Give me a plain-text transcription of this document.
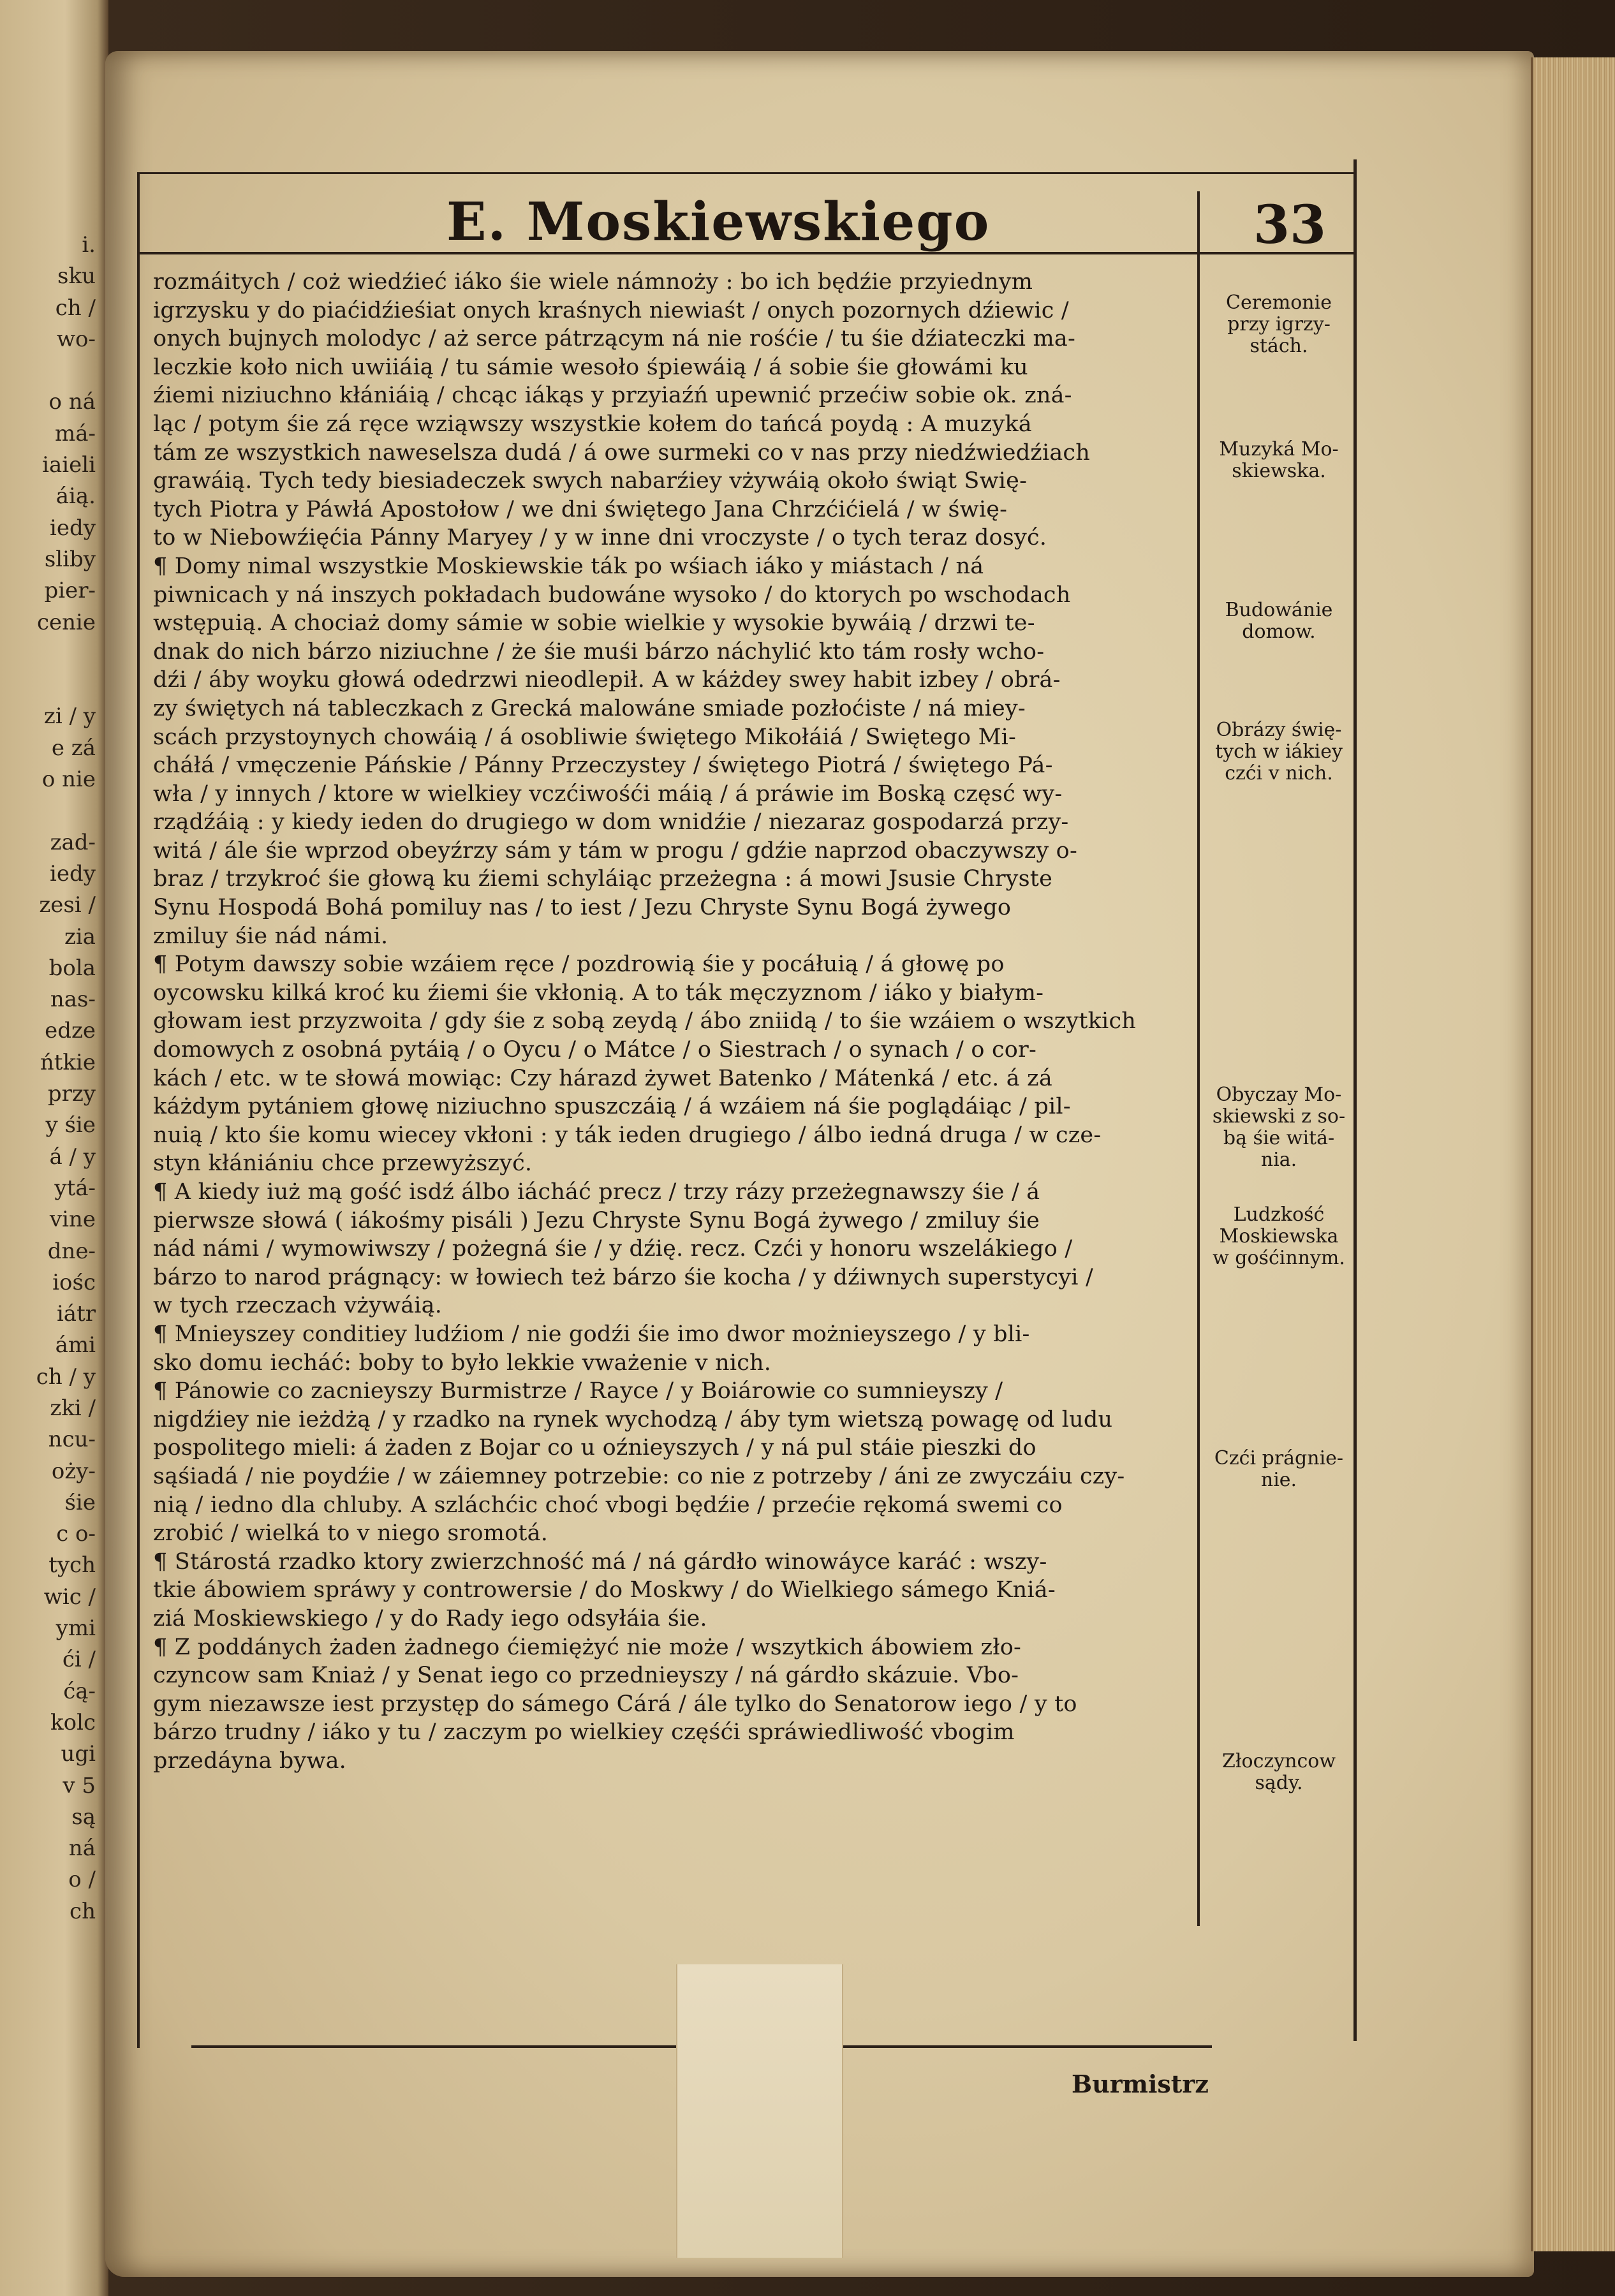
i.
sku
ch /
wo-

o ná
má-
iaieli
áią.
iedy
sliby
pier-
cenie

zi / y
e zá
o nie

zad-
iedy
zesi /
zia
bola
nas-
edze
ńtkie
przy
y śie
á / y
ytá-
vine
dne-
iośc
iátr
ámi
ch / y
zki /
ncu-
oży-
śie
c o-
tych
wic /
ymi
ći /
ćą-
kolc
ugi
v 5
są
ná
o /
ch
E. Moskiewskiego	33
rozmáitych / coż wiedźieć iáko śie wiele námnoży : bo ich będźie przyiednym
igrzysku y do piaćidźieśiat onych kraśnych niewiaśt / onych pozornych dźiewic /
onych bujnych molodyc / aż serce pátrzącym ná nie rośćie / tu śie dźiateczki ma-
leczkie koło nich uwiiáią / tu sámie wesoło śpiewáią / á sobie śie głowámi ku
źiemi niziuchno kłániáią / chcąc iákąs y przyiaźń upewnić przećiw sobie ok. zná-
ląc / potym śie zá ręce wziąwszy wszystkie kołem do tańcá poydą : A muzyká
tám ze wszystkich naweselsza dudá / á owe surmeki co v nas przy niedźwiedźiach
grawáią. Tych tedy biesiadeczek swych nabarźiey vżywáią około świąt Swię-
tych Piotra y Páwłá Apostołow / we dni świętego Jana Chrzćićielá / w świę-
to w Niebowźięćia Pánny Maryey / y w inne dni vroczyste / o tych teraz dosyć.
¶ Domy nimal wszystkie Moskiewskie ták po wśiach iáko y miástach / ná
piwnicach y ná inszych pokładach budowáne wysoko / do ktorych po wschodach
wstępuią. A chociaż domy sámie w sobie wielkie y wysokie bywáią / drzwi te-
dnak do nich bárzo niziuchne / że śie muśi bárzo náchylić kto tám rosły wcho-
dźi / áby woyku głowá odedrzwi nieodlepił. A w káżdey swey habit izbey / obrá-
zy świętych ná tableczkach z Grecká malowáne smiade pozłoćiste / ná miey-
scách przystoynych chowáią / á osobliwie świętego Mikołáiá / Swiętego Mi-
cháłá / vmęczenie Páńskie / Pánny Przeczystey / świętego Piotrá / świętego Pá-
wła / y innych / ktore w wielkiey vczćiwośći máią / á práwie im Boską częsć wy-
rządźáią : y kiedy ieden do drugiego w dom wnidźie / niezaraz gospodarzá przy-
witá / ále śie wprzod obeyźrzy sám y tám w progu / gdźie naprzod obaczywszy o-
braz / trzykroć śie głową ku źiemi schyláiąc przeżegna : á mowi Jsusie Chryste
Synu Hospodá Bohá pomiluy nas / to iest / Jezu Chryste Synu Bogá żywego
zmiluy śie nád námi.
¶ Potym dawszy sobie wzáiem ręce / pozdrowią śie y pocáłuią / á głowę po
oycowsku kilká kroć ku źiemi śie vkłonią. A to ták męczyznom / iáko y białym-
głowam iest przyzwoita / gdy śie z sobą zeydą / ábo zniidą / to śie wzáiem o wszytkich
domowych z osobná pytáią / o Oycu / o Mátce / o Siestrach / o synach / o cor-
kách / etc. w te słowá mowiąc: Czy hárazd żywet Batenko / Mátenká / etc. á zá
káżdym pytániem głowę niziuchno spuszczáią / á wzáiem ná śie poglądáiąc / pil-
nuią / kto śie komu wiecey vkłoni : y ták ieden drugiego / álbo iedná druga / w cze-
styn kłániániu chce przewyższyć.
¶ A kiedy iuż mą gość isdź álbo iácháć precz / trzy rázy przeżegnawszy śie / á
pierwsze słowá ( iákośmy pisáli ) Jezu Chryste Synu Bogá żywego / zmiluy śie
nád námi / wymowiwszy / pożegná śie / y dźię. recz. Czći y honoru wszelákiego /
bárzo to narod prágnący: w łowiech też bárzo śie kocha / y dźiwnych superstycyi /
w tych rzeczach vżywáią.
¶ Mnieyszey conditiey ludźiom / nie godźi śie imo dwor możnieyszego / y bli-
sko domu iecháć: boby to było lekkie vważenie v nich.
¶ Pánowie co zacnieyszy Burmistrze / Rayce / y Boiárowie co sumnieyszy /
nigdźiey nie ieżdżą / y rzadko na rynek wychodzą / áby tym wietszą powagę od ludu
pospolitego mieli: á żaden z Bojar co u oźnieyszych / y ná pul stáie pieszki do
sąśiadá / nie poydźie / w záiemney potrzebie: co nie z potrzeby / áni ze zwyczáiu czy-
nią / iedno dla chluby. A szláchćic choć vbogi będźie / przećie rękomá swemi co
zrobić / wielká to v niego sromotá.
¶ Stárostá rzadko ktory zwierzchność má / ná gárdło winowáyce karáć : wszy-
tkie ábowiem spráwy y controwersie / do Moskwy / do Wielkiego sámego Kniá-
ziá Moskiewskiego / y do Rady iego odsyłáia śie.
¶ Z poddánych żaden żadnego ćiemiężyć nie może / wszytkich ábowiem zło-
czyncow sam Kniaż / y Senat iego co przednieyszy / ná gárdło skázuie. Vbo-
gym niezawsze iest przystęp do sámego Cárá / ále tylko do Senatorow iego / y to
bárzo trudny / iáko y tu / zaczym po wielkiey częśći spráwiedliwość vbogim
przedáyna bywa.
Ceremonie
przy igrzy-
stách.
Muzyká Mo-
skiewska.
Budowánie
domow.
Obrázy świę-
tych w iákiey
czći v nich.
Obyczay Mo-
skiewski z so-
bą śie witá-
nia.
Ludzkość
Moskiewska
w gośćinnym.
Czći prágnie-
nie.
Złoczyncow
sądy.
Burmistrz
